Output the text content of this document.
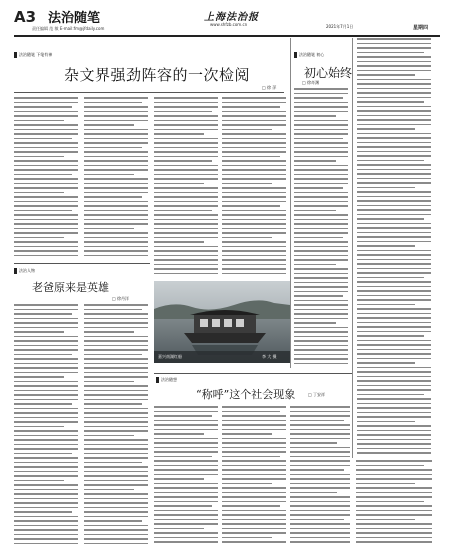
A3 法治随笔
责任编辑 范 敏 E-mail:fm@jfdaily.com
上海法治报
www.shfzb.com.cn	2021年7月1日	星期四
法治随笔 下笔有神
杂文界强劲阵容的一次检阅
□ 徐 萍
法治随笔 初心
初心始终
□ 徐奇渊
法治人物
老爸原来是英雄
□ 徐丹洋
嘉兴南湖红船	李 大 摄
法治随想
“称呼”这个社会现象	□ 丁安祥
